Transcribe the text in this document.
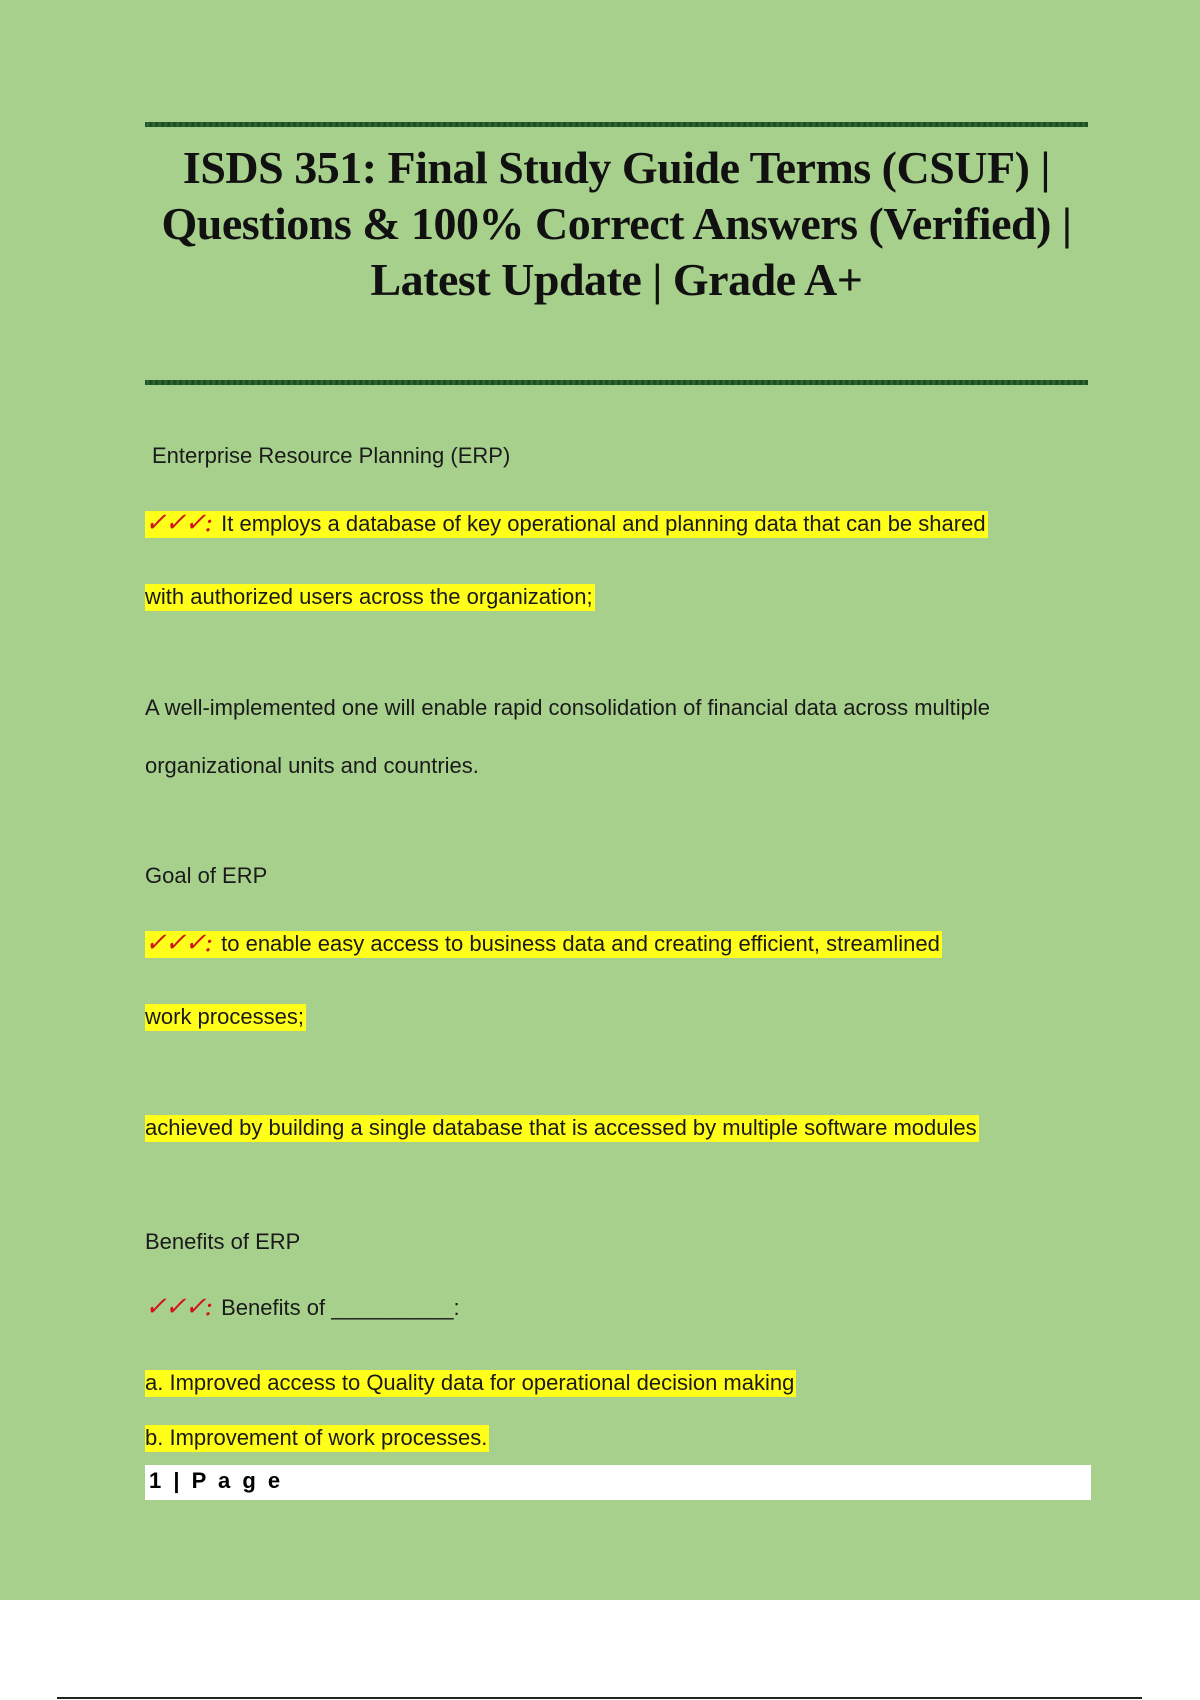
ISDS 351: Final Study Guide Terms (CSUF) |
Questions & 100% Correct Answers (Verified) |
Latest Update | Grade A+

Enterprise Resource Planning (ERP)

✓✓✓: It employs a database of key operational and planning data that can be shared

with authorized users across the organization;

A well-implemented one will enable rapid consolidation of financial data across multiple

organizational units and countries.

Goal of ERP

✓✓✓: to enable easy access to business data and creating efficient, streamlined

work processes;

achieved by building a single database that is accessed by multiple software modules

Benefits of ERP

✓✓✓: Benefits of __________:

a. Improved access to Quality data for operational decision making

b. Improvement of work processes.

1 | P a g e
